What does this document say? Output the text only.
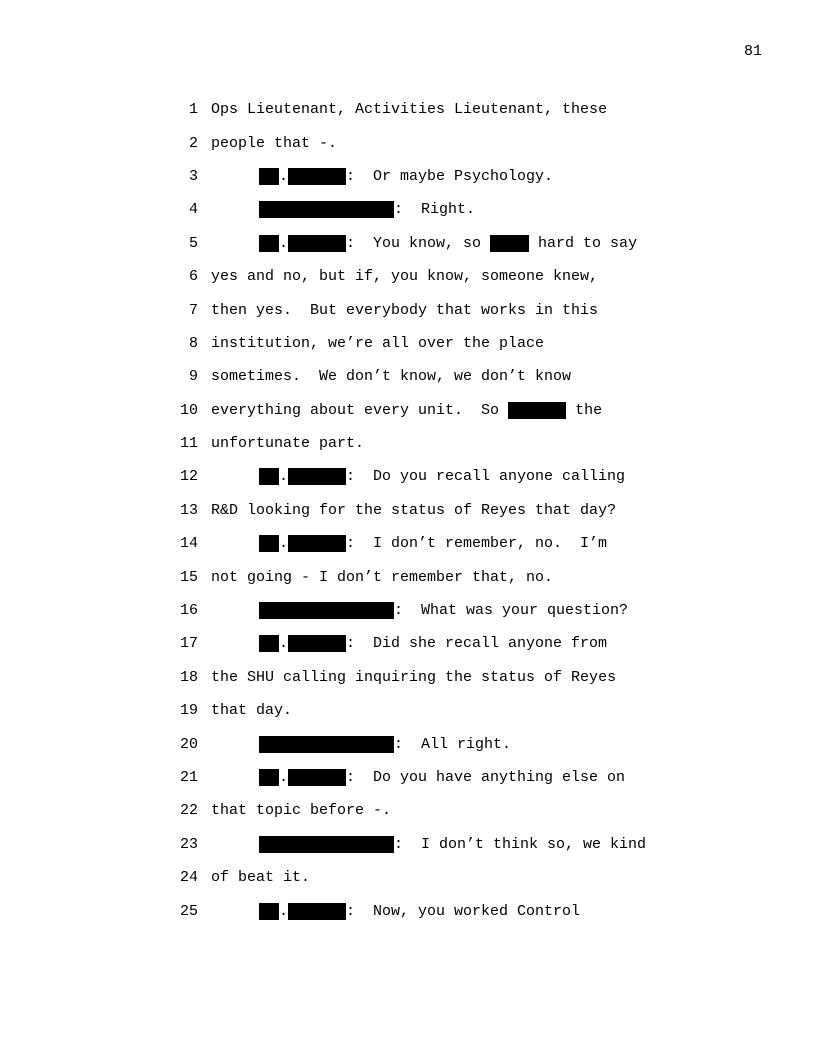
81
1 Ops Lieutenant, Activities Lieutenant, these
2 people that -.
3	.	:  Or maybe Psychology.
4	:  Right.
5	.	:  You know, so	hard to say
6 yes and no, but if, you know, someone knew,
7 then yes.  But everybody that works in this
8 institution, we’re all over the place
9 sometimes.  We don’t know, we don’t know
10 everything about every unit.  So	the
11 unfortunate part.
12	.	:  Do you recall anyone calling
13 R&D looking for the status of Reyes that day?
14	.	:  I don’t remember, no.  I’m
15 not going - I don’t remember that, no.
16	:  What was your question?
17	.	:  Did she recall anyone from
18 the SHU calling inquiring the status of Reyes
19 that day.
20	:  All right.
21	.	:  Do you have anything else on
22 that topic before -.
23	:  I don’t think so, we kind
24 of beat it.
25	.	:  Now, you worked Control
